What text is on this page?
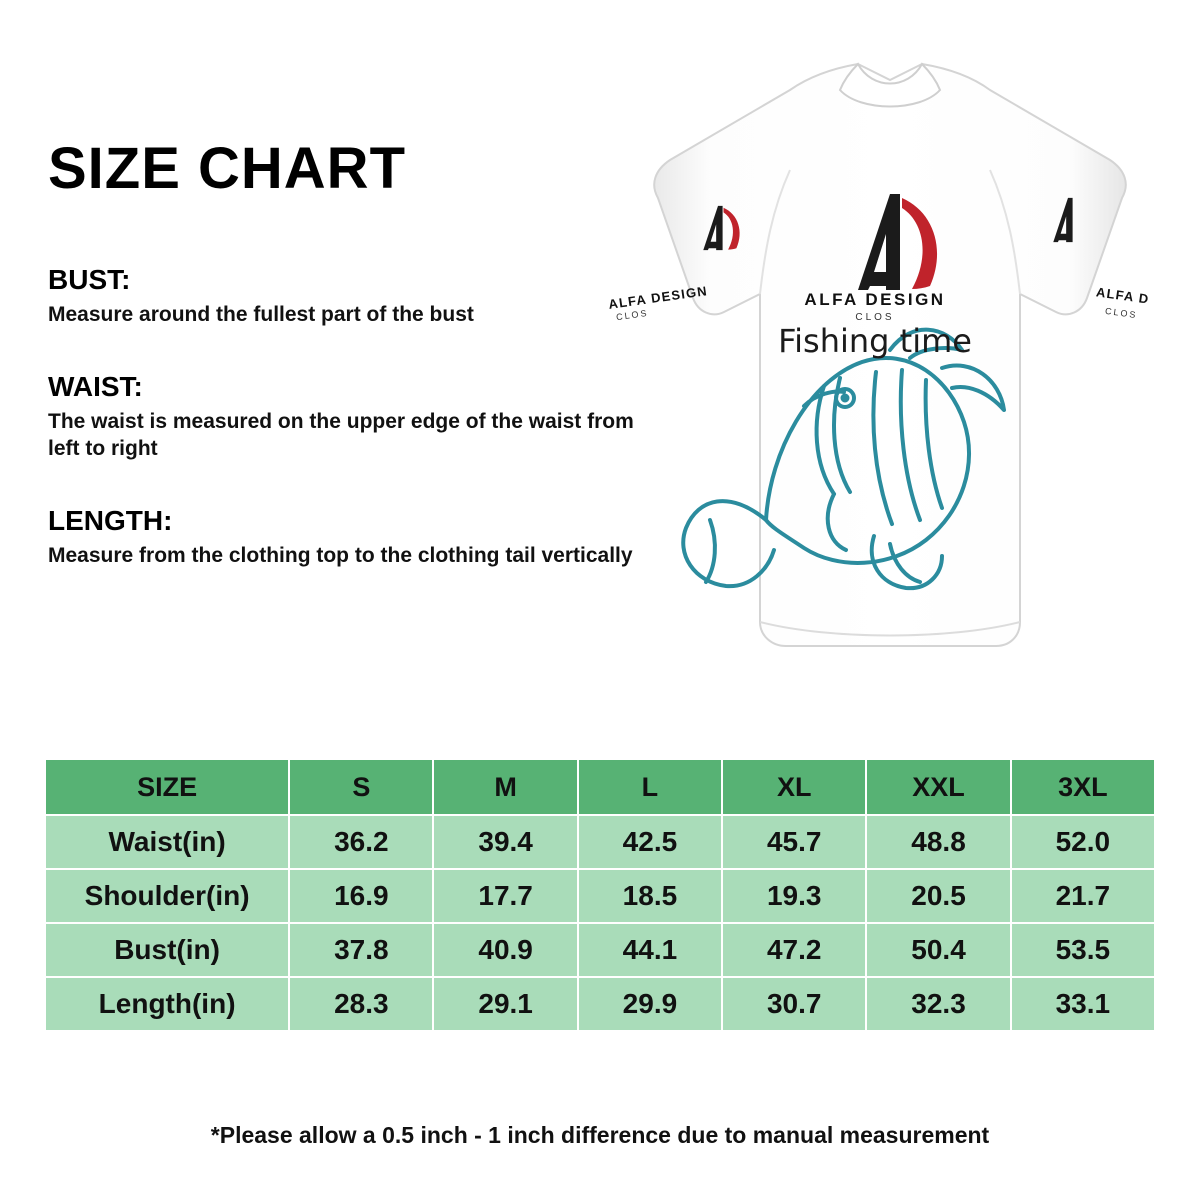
SIZE CHART

BUST:

Measure around the fullest part of the bust

WAIST:

The waist is measured on the upper edge of the waist from left to right

LENGTH:

Measure from the clothing top to the clothing tail vertically

ALFA DESIGN
CLOS
Fishing time
ALFA DESIGN
CLOS
ALFA D
CLOS
SIZE	S	M	L	XL	XXL	3XL
Waist(in)	36.2	39.4	42.5	45.7	48.8	52.0
Shoulder(in)	16.9	17.7	18.5	19.3	20.5	21.7
Bust(in)	37.8	40.9	44.1	47.2	50.4	53.5
Length(in)	28.3	29.1	29.9	30.7	32.3	33.1
*Please allow a 0.5 inch - 1 inch difference due to manual measurement
